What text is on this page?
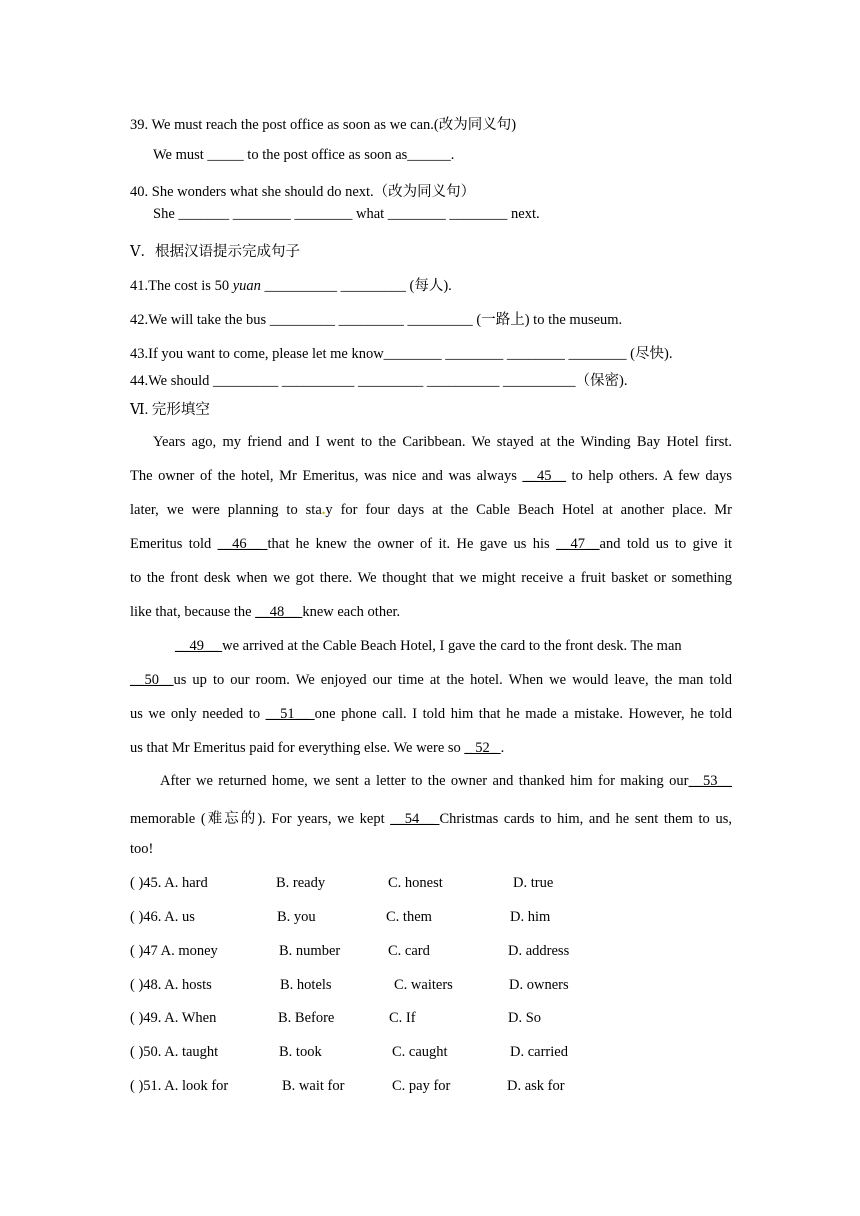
39. We must reach the post office as soon as we can.(改为同义句)
We must _____ to the post office as soon as______.
40. She wonders what she should do next.（改为同义句）
She _______ ________ ________ what ________ ________ next.
Ⅴ．根据汉语提示完成句子
41.The cost is 50 yuan __________ _________ (每人).
42.We will take the bus _________ _________ _________ (一路上) to the museum.
43.If you want to come, please let me know________ ________ ________ ________ (尽快).
44.We should _________ __________ _________ __________ __________（保密).
Ⅵ. 完形填空
Years ago, my friend and I went to the Caribbean. We stayed at the Winding Bay Hotel first.
The owner of the hotel, Mr Emeritus, was nice and was always __45__ to help others. A few days
later, we were planning to sta.y for four days at the Cable Beach Hotel at another place. Mr
Emeritus told __46__ that he knew the owner of it. He gave us his __47__and told us to give it
to the front desk when we got there. We thought that we might receive a fruit basket or something
like that, because the __48__ knew each other.
__49__ we arrived at the Cable Beach Hotel, I gave the card to the front desk. The man
__50__us up to our room. We enjoyed our time at the hotel. When we would leave, the man told
us we only needed to __51__ one phone call. I told him that he made a mistake. However, he told
us that Mr Emeritus paid for everything else. We were so _ 52_ .
After we returned home, we sent a letter to the owner and thanked him for making our__53__
memorable (难忘的). For years, we kept __54__ Christmas cards to him, and he sent them to us,
too!
( )45. A. hard	B. ready	C. honest	D. true
( )46. A. us	B. you	C. them	D. him
( )47 A. money	B. number	C. card	D. address
( )48. A. hosts	B. hotels	C. waiters	D. owners
( )49. A. When	B. Before	C. If	D. So
( )50. A. taught	B. took	C. caught	D. carried
( )51. A. look for	B. wait for	C. pay for	D. ask for
